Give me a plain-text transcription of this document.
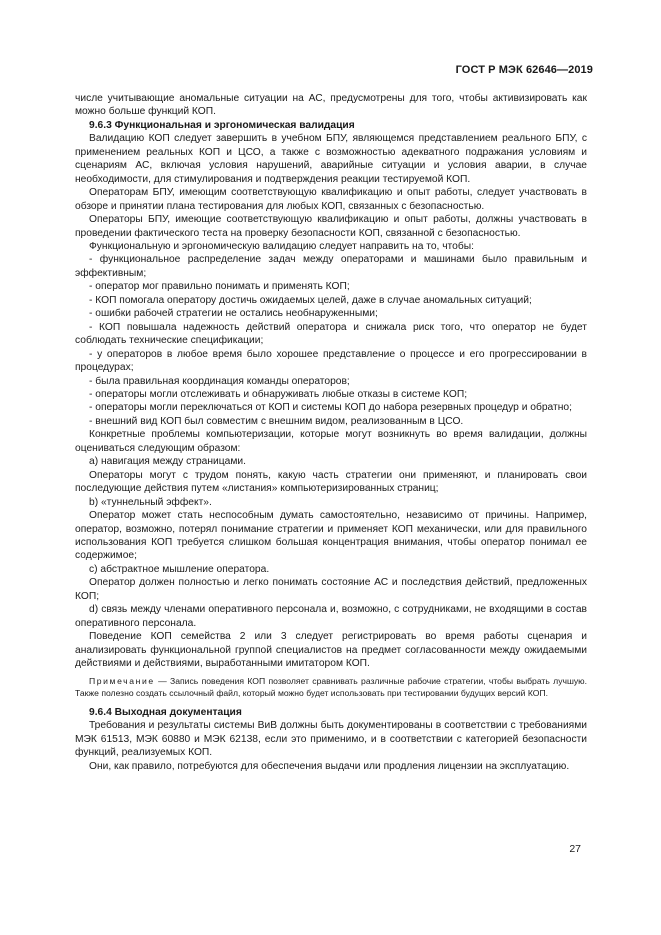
ГОСТ Р МЭК 62646—2019

числе учитывающие аномальные ситуации на АС, предусмотрены для того, чтобы активизировать как можно больше функций КОП.

9.6.3 Функциональная и эргономическая валидация

Валидацию КОП следует завершить в учебном БПУ, являющемся представлением реального БПУ, с применением реальных КОП и ЦСО, а также с возможностью адекватного подражания условиям и сценариям АС, включая условия нарушений, аварийные ситуации и условия аварии, в случае необходимости, для стимулирования и подтверждения реакции тестируемой КОП.

Операторам БПУ, имеющим соответствующую квалификацию и опыт работы, следует участвовать в обзоре и принятии плана тестирования для любых КОП, связанных с безопасностью.

Операторы БПУ, имеющие соответствующую квалификацию и опыт работы, должны участвовать в проведении фактического теста на проверку безопасности КОП, связанной с безопасностью.

Функциональную и эргономическую валидацию следует направить на то, чтобы:

- функциональное распределение задач между операторами и машинами было правильным и эффективным;

- оператор мог правильно понимать и применять КОП;

- КОП помогала оператору достичь ожидаемых целей, даже в случае аномальных ситуаций;

- ошибки рабочей стратегии не остались необнаруженными;

- КОП повышала надежность действий оператора и снижала риск того, что оператор не будет соблюдать технические спецификации;

- у операторов в любое время было хорошее представление о процессе и его прогрессировании в процедурах;

- была правильная координация команды операторов;

- операторы могли отслеживать и обнаруживать любые отказы в системе КОП;

- операторы могли переключаться от КОП и системы КОП до набора резервных процедур и обратно;

- внешний вид КОП был совместим с внешним видом, реализованным в ЦСО.

Конкретные проблемы компьютеризации, которые могут возникнуть во время валидации, должны оцениваться следующим образом:

а) навигация между страницами.

Операторы могут с трудом понять, какую часть стратегии они применяют, и планировать свои последующие действия путем «листания» компьютеризированных страниц;

b) «туннельный эффект».

Оператор может стать неспособным думать самостоятельно, независимо от причины. Например, оператор, возможно, потерял понимание стратегии и применяет КОП механически, или для правильного использования КОП требуется слишком большая концентрация внимания, чтобы оператор понимал ее содержимое;

с) абстрактное мышление оператора.

Оператор должен полностью и легко понимать состояние АС и последствия действий, предложенных КОП;

d) связь между членами оперативного персонала и, возможно, с сотрудниками, не входящими в состав оперативного персонала.

Поведение КОП семейства 2 или 3 следует регистрировать во время работы сценария и анализировать функциональной группой специалистов на предмет согласованности между ожидаемыми действиями и действиями, выработанными имитатором КОП.

Примечание — Запись поведения КОП позволяет сравнивать различные рабочие стратегии, чтобы выбрать лучшую. Также полезно создать ссылочный файл, который можно будет использовать при тестировании будущих версий КОП.

9.6.4 Выходная документация

Требования и результаты системы ВиВ должны быть документированы в соответствии с требованиями МЭК 61513, МЭК 60880 и МЭК 62138, если это применимо, и в соответствии с категорией безопасности функций, реализуемых КОП.

Они, как правило, потребуются для обеспечения выдачи или продления лицензии на эксплуатацию.

27
